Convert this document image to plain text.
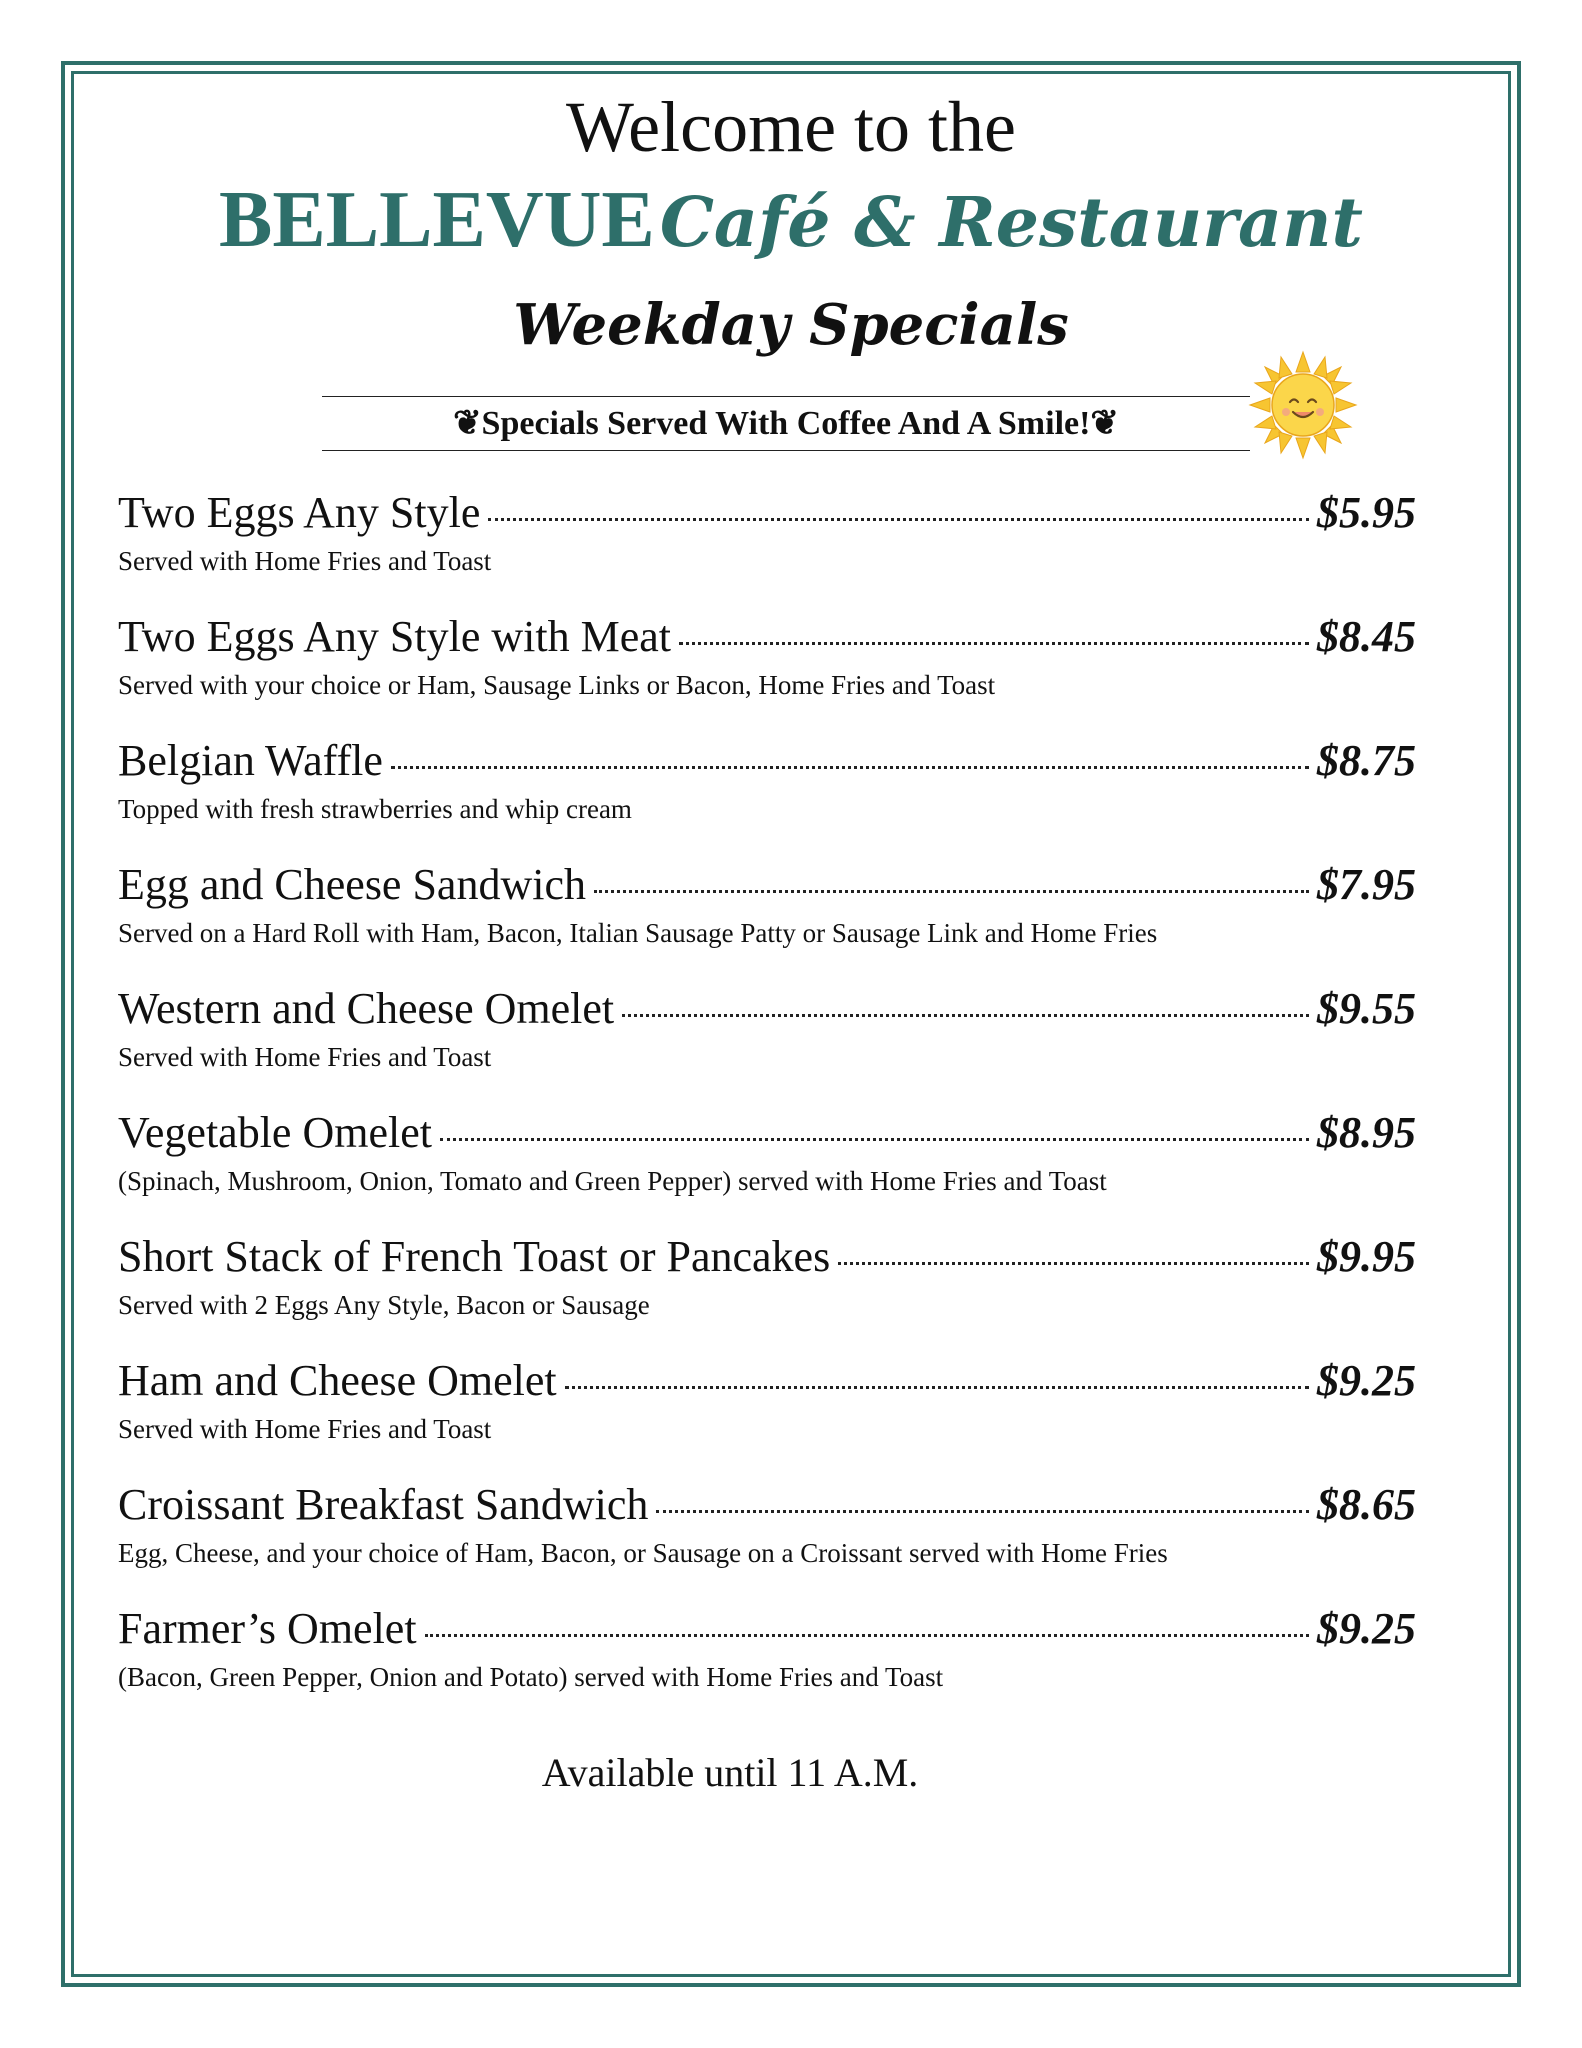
Welcome to the
BELLEVUE Café & Restaurant
Weekday Specials
❦Specials Served With Coffee And A Smile!❦
Two Eggs Any Style	$5.95
Served with Home Fries and Toast
Two Eggs Any Style with Meat	$8.45
Served with your choice or Ham, Sausage Links or Bacon, Home Fries and Toast
Belgian Waffle	$8.75
Topped with fresh strawberries and whip cream
Egg and Cheese Sandwich	$7.95
Served on a Hard Roll with Ham, Bacon, Italian Sausage Patty or Sausage Link and Home Fries
Western and Cheese Omelet	$9.55
Served with Home Fries and Toast
Vegetable Omelet	$8.95
(Spinach, Mushroom, Onion, Tomato and Green Pepper) served with Home Fries and Toast
Short Stack of French Toast or Pancakes	$9.95
Served with 2 Eggs Any Style, Bacon or Sausage
Ham and Cheese Omelet	$9.25
Served with Home Fries and Toast
Croissant Breakfast Sandwich	$8.65
Egg, Cheese, and your choice of Ham, Bacon, or Sausage on a Croissant served with Home Fries
Farmer’s Omelet	$9.25
(Bacon, Green Pepper, Onion and Potato) served with Home Fries and Toast
Available until 11 A.M.
